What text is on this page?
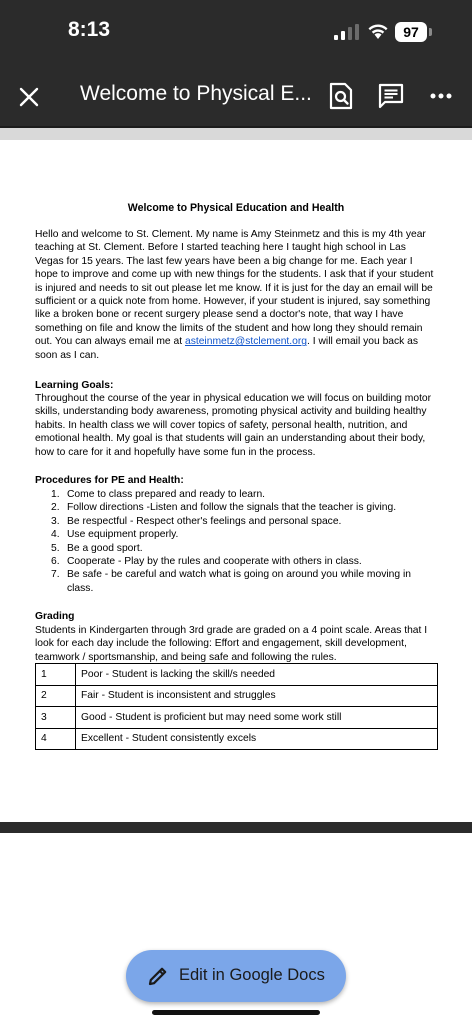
8:13	97
Welcome to Physical E...
Welcome to Physical Education and Health
Hello and welcome to St. Clement. My name is Amy Steinmetz and this is my 4th year
teaching at St. Clement. Before I started teaching here I taught high school in Las
Vegas for 15 years. The last few years have been a big change for me. Each year I
hope to improve and come up with new things for the students. I ask that if your student
is injured and needs to sit out please let me know. If it is just for the day an email will be
sufficient or a quick note from home. However, if your student is injured, say something
like a broken bone or recent surgery please send a doctor's note, that way I have
something on file and know the limits of the student and how long they should remain
out. You can always email me at asteinmetz@stclement.org. I will email you back as
soon as I can.
Learning Goals:
Throughout the course of the year in physical education we will focus on building motor
skills, understanding body awareness, promoting physical activity and building healthy
habits. In health class we will cover topics of safety, personal health, nutrition, and
emotional health. My goal is that students will gain an understanding about their body,
how to care for it and hopefully have some fun in the process.
Procedures for PE and Health:
1. Come to class prepared and ready to learn.
2. Follow directions -Listen and follow the signals that the teacher is giving.
3. Be respectful - Respect other's feelings and personal space.
4. Use equipment properly.
5. Be a good sport.
6. Cooperate - Play by the rules and cooperate with others in class.
7. Be safe - be careful and watch what is going on around you while moving in class.
Grading
Students in Kindergarten through 3rd grade are graded on a 4 point scale. Areas that I
look for each day include the following: Effort and engagement, skill development,
teamwork / sportsmanship, and being safe and following the rules.
1	Poor - Student is lacking the skill/s needed
2	Fair - Student is inconsistent and struggles
3	Good - Student is proficient but may need some work still
4	Excellent - Student consistently excels
Edit in Google Docs
